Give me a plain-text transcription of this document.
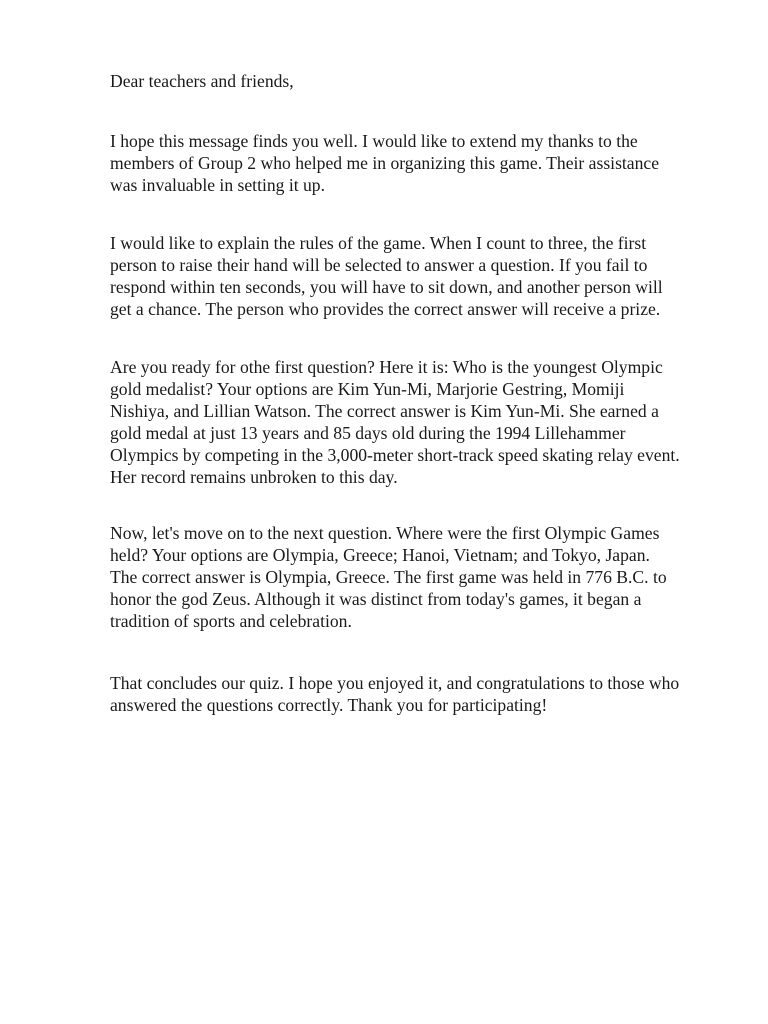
Dear teachers and friends,

I hope this message finds you well. I would like to extend my thanks to the
members of Group 2 who helped me in organizing this game. Their assistance
was invaluable in setting it up.

I would like to explain the rules of the game. When I count to three, the first
person to raise their hand will be selected to answer a question. If you fail to
respond within ten seconds, you will have to sit down, and another person will
get a chance. The person who provides the correct answer will receive a prize.

Are you ready for othe first question? Here it is: Who is the youngest Olympic
gold medalist? Your options are Kim Yun-Mi, Marjorie Gestring, Momiji
Nishiya, and Lillian Watson. The correct answer is Kim Yun-Mi. She earned a
gold medal at just 13 years and 85 days old during the 1994 Lillehammer
Olympics by competing in the 3,000-meter short-track speed skating relay event.
Her record remains unbroken to this day.

Now, let's move on to the next question. Where were the first Olympic Games
held? Your options are Olympia, Greece; Hanoi, Vietnam; and Tokyo, Japan.
The correct answer is Olympia, Greece. The first game was held in 776 B.C. to
honor the god Zeus. Although it was distinct from today's games, it began a
tradition of sports and celebration.

That concludes our quiz. I hope you enjoyed it, and congratulations to those who
answered the questions correctly. Thank you for participating!
